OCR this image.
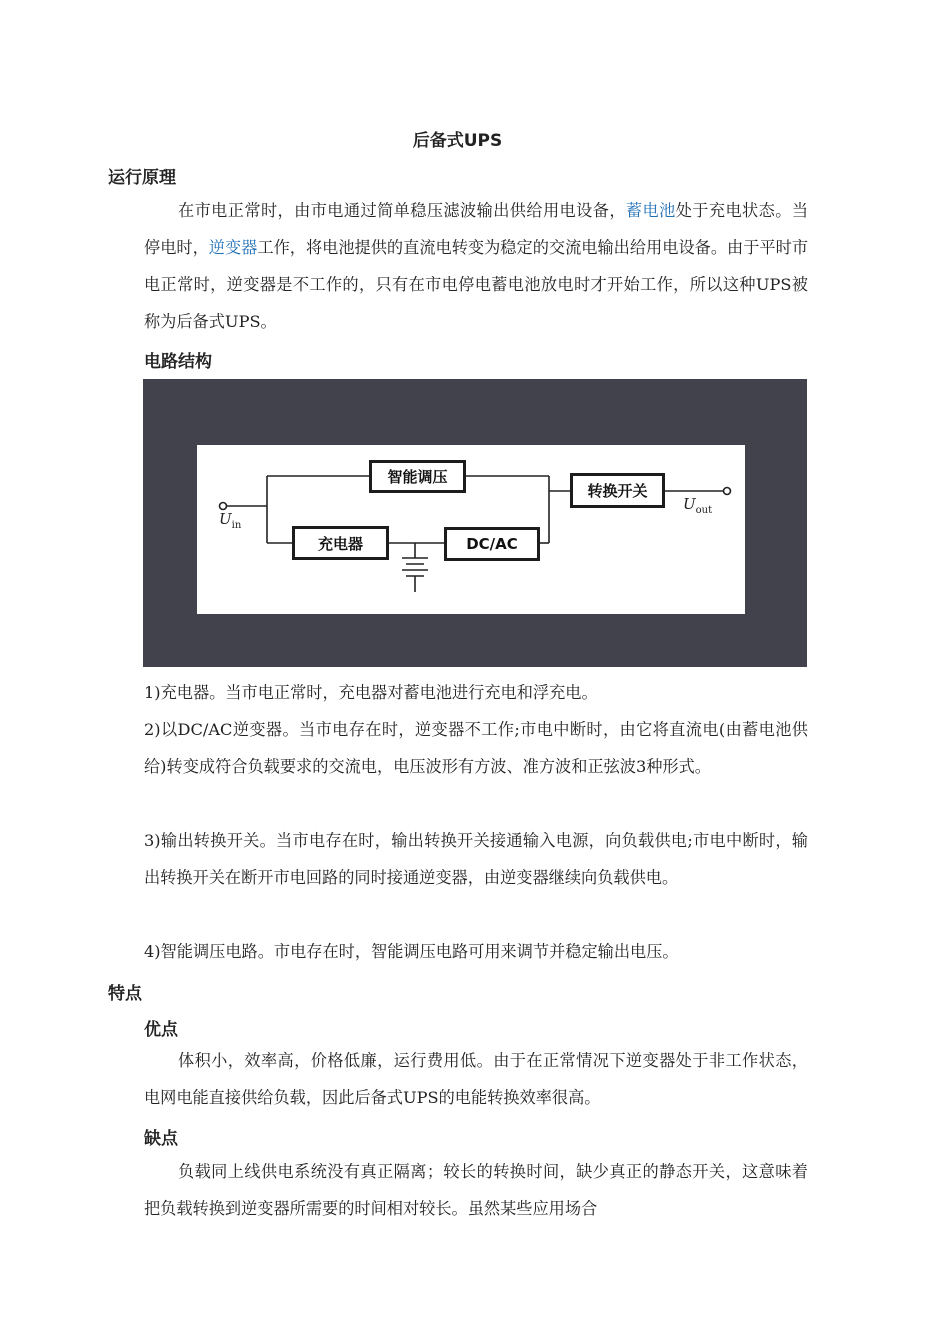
后备式UPS
运行原理

在市电正常时，由市电通过简单稳压滤波输出供给用电设备，蓄电池处于充电状态。当停电时，逆变器工作，将电池提供的直流电转变为稳定的交流电输出给用电设备。由于平时市电正常时，逆变器是不工作的，只有在市电停电蓄电池放电时才开始工作，所以这种UPS被称为后备式UPS。

电路结构
智能调压
转换开关
充电器	DC/AC
$U_{in}$
$U_{out}$

1)充电器。当市电正常时，充电器对蓄电池进行充电和浮充电。

2)以DC/AC逆变器。当市电存在时，逆变器不工作;市电中断时，由它将直流电(由蓄电池供给)转变成符合负载要求的交流电，电压波形有方波、准方波和正弦波3种形式。

3)输出转换开关。当市电存在时，输出转换开关接通输入电源，向负载供电;市电中断时，输出转换开关在断开市电回路的同时接通逆变器，由逆变器继续向负载供电。

4)智能调压电路。市电存在时，智能调压电路可用来调节并稳定输出电压。

特点
优点

体积小，效率高，价格低廉，运行费用低。由于在正常情况下逆变器处于非工作状态，电网电能直接供给负载，因此后备式UPS的电能转换效率很高。

缺点

负载同上线供电系统没有真正隔离；较长的转换时间，缺少真正的静态开关，这意味着把负载转换到逆变器所需要的时间相对较长。虽然某些应用场合
